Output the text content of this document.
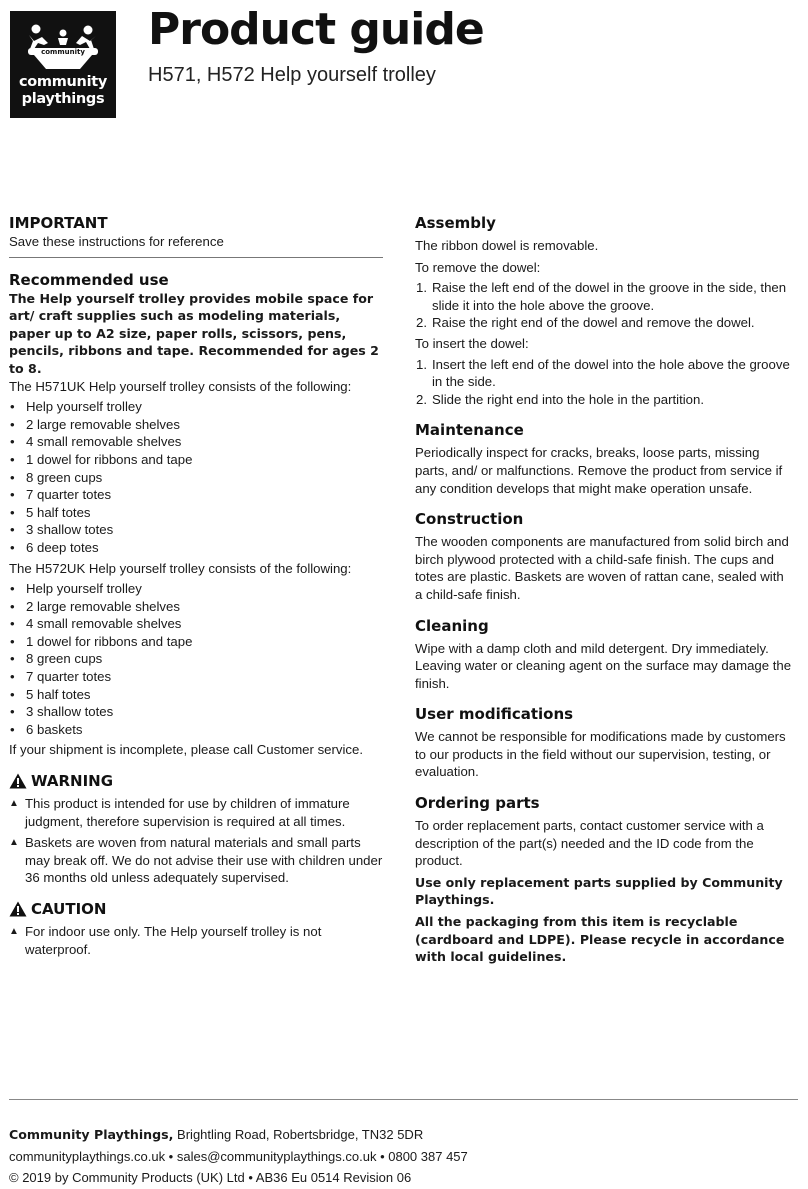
community
community
playthings
Product guide

H571, H572 Help yourself trolley

IMPORTANT

Save these instructions for reference

Recommended use

The Help yourself trolley provides mobile space for art/ craft supplies such as modeling materials, paper up to A2 size, paper rolls, scissors, pens, pencils, ribbons and tape. Recommended for ages 2 to 8.

The H571UK Help yourself trolley consists of the following:

• Help yourself trolley
• 2 large removable shelves
• 4 small removable shelves
• 1 dowel for ribbons and tape
• 8 green cups
• 7 quarter totes
• 5 half totes
• 3 shallow totes
• 6 deep totes

The H572UK Help yourself trolley consists of the following:

• Help yourself trolley
• 2 large removable shelves
• 4 small removable shelves
• 1 dowel for ribbons and tape
• 8 green cups
• 7 quarter totes
• 5 half totes
• 3 shallow totes
• 6 baskets

If your shipment is incomplete, please call Customer service.

WARNING
▲ This product is intended for use by children of immature judgment, therefore supervision is required at all times.
▲ Baskets are woven from natural materials and small parts may break off. We do not advise their use with children under 36 months old unless adequately supervised.
CAUTION
▲ For indoor use only. The Help yourself trolley is not waterproof.
Assembly

The ribbon dowel is removable.

To remove the dowel:

1. Raise the left end of the dowel in the groove in the side, then slide it into the hole above the groove.
2. Raise the right end of the dowel and remove the dowel.

To insert the dowel:

1. Insert the left end of the dowel into the hole above the groove in the side.
2. Slide the right end into the hole in the partition.
Maintenance

Periodically inspect for cracks, breaks, loose parts, missing parts, and/ or malfunctions. Remove the product from service if any condition develops that might make operation unsafe.

Construction

The wooden components are manufactured from solid birch and birch plywood protected with a child-safe finish. The cups and totes are plastic. Baskets are woven of rattan cane, sealed with a child-safe finish.

Cleaning

Wipe with a damp cloth and mild detergent. Dry immediately. Leaving water or cleaning agent on the surface may damage the finish.

User modifications

We cannot be responsible for modifications made by customers to our products in the field without our supervision, testing, or evaluation.

Ordering parts

To order replacement parts, contact customer service with a description of the part(s) needed and the ID code from the product.

Use only replacement parts supplied by Community Playthings.

All the packaging from this item is recyclable (cardboard and LDPE). Please recycle in accordance with local guidelines.

Community Playthings, Brightling Road, Robertsbridge, TN32 5DR

communityplaythings.co.uk • sales@communityplaythings.co.uk • 0800 387 457

© 2019 by Community Products (UK) Ltd • AB36 Eu 0514 Revision 06
